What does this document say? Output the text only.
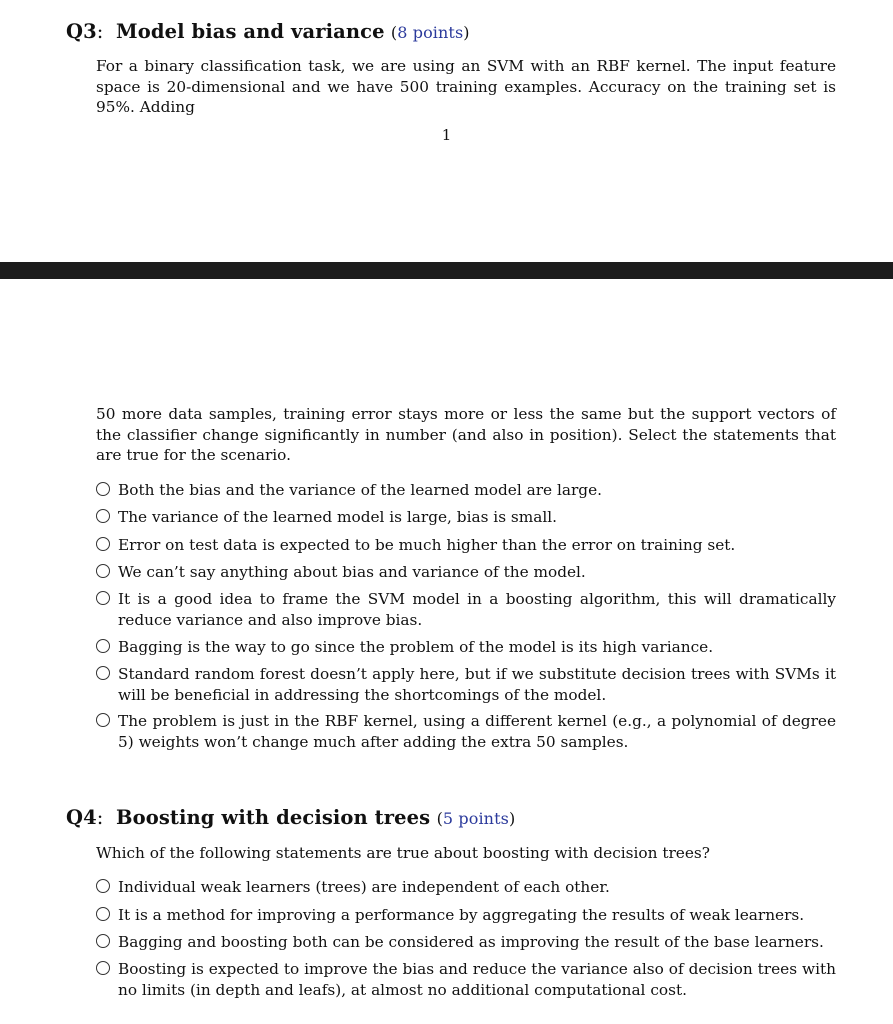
Q3:  Model bias and variance (8 points)

For a binary classification task, we are using an SVM with an RBF kernel. The input feature space is 20-dimensional and we have 500 training examples. Accuracy on the training set is 95%. Adding

1

50 more data samples, training error stays more or less the same but the support vectors of the classifier change significantly in number (and also in position). Select the statements that are true for the scenario.

Both the bias and the variance of the learned model are large.
The variance of the learned model is large, bias is small.
Error on test data is expected to be much higher than the error on training set.
We can’t say anything about bias and variance of the model.
It is a good idea to frame the SVM model in a boosting algorithm, this will dramatically reduce variance and also improve bias.
Bagging is the way to go since the problem of the model is its high variance.
Standard random forest doesn’t apply here, but if we substitute decision trees with SVMs it will be beneficial in addressing the shortcomings of the model.
The problem is just in the RBF kernel, using a different kernel (e.g., a polynomial of degree 5) weights won’t change much after adding the extra 50 samples.
Q4:  Boosting with decision trees (5 points)

Which of the following statements are true about boosting with decision trees?

Individual weak learners (trees) are independent of each other.
It is a method for improving a performance by aggregating the results of weak learners.
Bagging and boosting both can be considered as improving the result of the base learners.
Boosting is expected to improve the bias and reduce the variance also of decision trees with no limits (in depth and leafs), at almost no additional computational cost.
